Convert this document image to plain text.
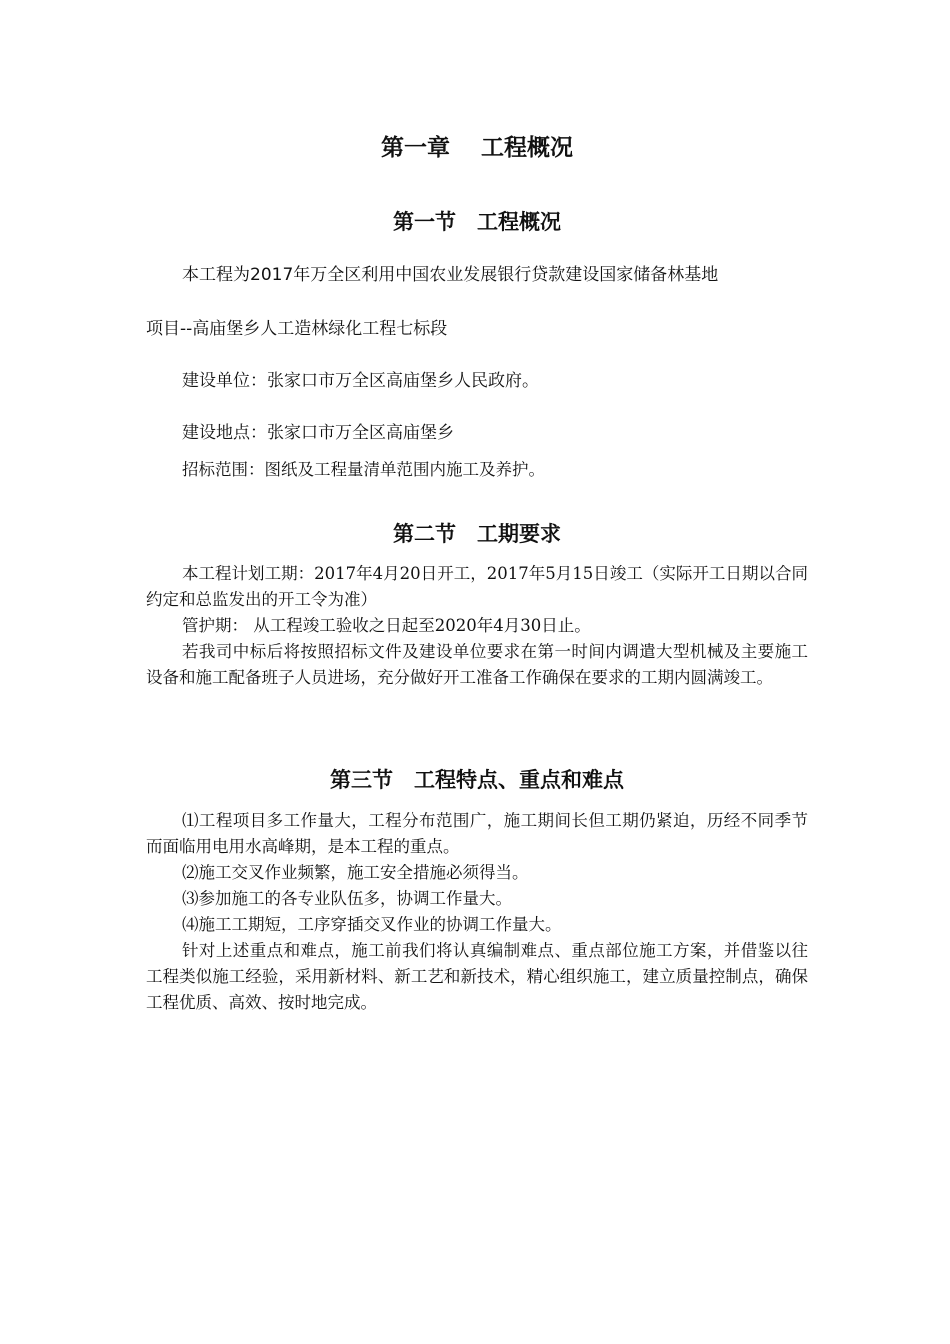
第一章　 工程概况
第一节　工程概况
本工程为2017年万全区利用中国农业发展银行贷款建设国家储备林基地
项目--高庙堡乡人工造林绿化工程七标段
建设单位：张家口市万全区高庙堡乡人民政府。
建设地点：张家口市万全区高庙堡乡
招标范围：图纸及工程量清单范围内施工及养护。
第二节　工期要求
本工程计划工期：2017年4月20日开工，2017年5月15日竣工（实际开工日期以合同约定和总监发出的开工令为准）
管护期： 从工程竣工验收之日起至2020年4月30日止。
若我司中标后将按照招标文件及建设单位要求在第一时间内调遣大型机械及主要施工设备和施工配备班子人员进场，充分做好开工准备工作确保在要求的工期内圆满竣工。
第三节　工程特点、重点和难点
⑴工程项目多工作量大，工程分布范围广，施工期间长但工期仍紧迫，历经不同季节而面临用电用水高峰期，是本工程的重点。
⑵施工交叉作业频繁，施工安全措施必须得当。
⑶参加施工的各专业队伍多，协调工作量大。
⑷施工工期短，工序穿插交叉作业的协调工作量大。
针对上述重点和难点，施工前我们将认真编制难点、重点部位施工方案，并借鉴以往工程类似施工经验，采用新材料、新工艺和新技术，精心组织施工，建立质量控制点，确保工程优质、高效、按时地完成。
